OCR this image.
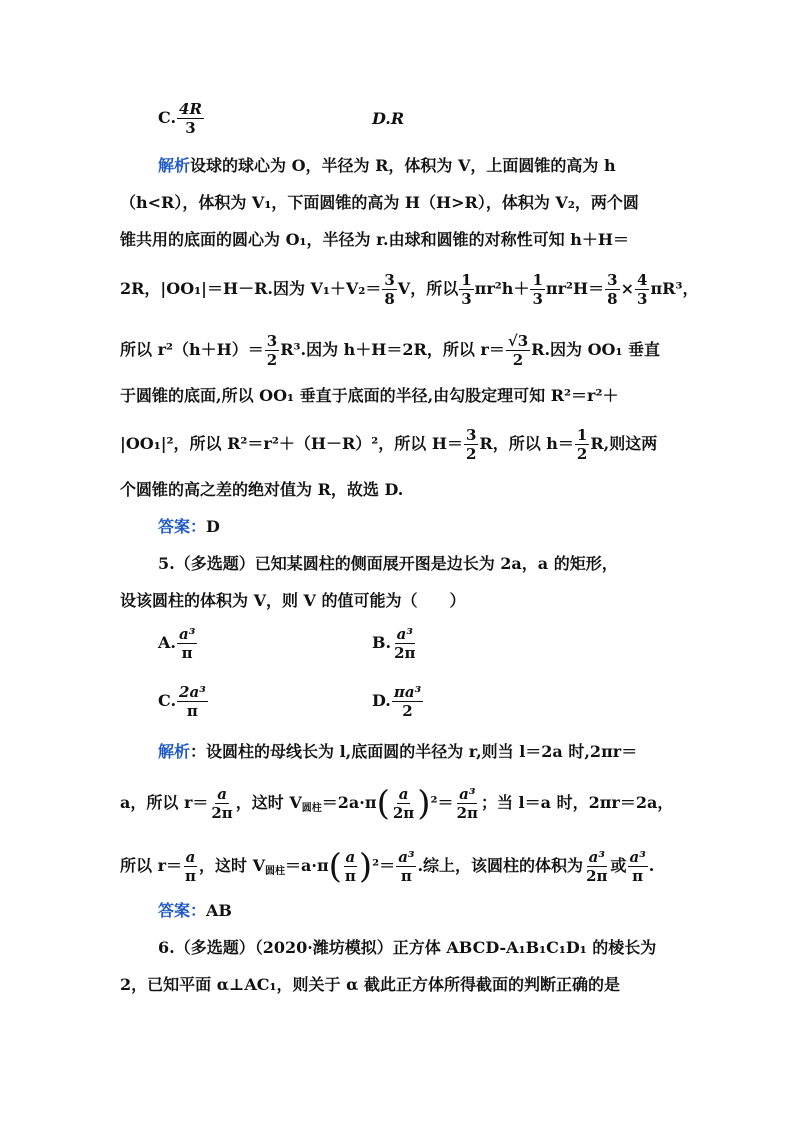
C. $\frac{4R}{3}$	D.R
解析设球的球心为 O，半径为 R，体积为 V，上面圆锥的高为 h
（h<R），体积为 V₁，下面圆锥的高为 H（H>R），体积为 V₂，两个圆
锥共用的底面的圆心为 O₁，半径为 r.由球和圆锥的对称性可知 h＋H＝
2R，|OO₁|＝H－R.因为 $V_1+V_2= \frac{3}{8}$ V，所以 $\frac{1}{3} \pi r^2h+ \frac{1}{3} \pi r^2H= \frac{3}{8} \times \frac{4}{3} \pi R^3$，
所以 $r^2(h+H)= \frac{3}{2} R^3$.因为 h＋H＝2R，所以 $r= \frac{√3}{2} R$.因为 OO₁ 垂直
于圆锥的底面,所以 OO₁ 垂直于底面的半径,由勾股定理可知 R²＝r²＋
|OO₁|²，所以 R²＝r²＋（H－R）²，所以 $H= \frac{3}{2}$ R，所以 $h= \frac{1}{2} R$,则这两
个圆锥的高之差的绝对值为 R，故选 D.
答案：D
5.（多选题）已知某圆柱的侧面展开图是边长为 2a，a 的矩形，
设该圆柱的体积为 V，则 V 的值可能为（　　）
A. $\frac{\text{a³}}{\pi}$	B. $\frac{\text{a³}}{2\pi}$
C. $\frac{\text{2a³}}{\pi}$	D. $\frac{\text{πa³}}{2}$
解析：设圆柱的母线长为 l,底面圆的半径为 r,则当 l＝2a 时,2πr＝
a，所以 $r= \frac{a}{2\pi}$ ，这时 $V_{圆柱}=2a\cdot\pi( \frac{a}{2\pi} )^2= \frac{\text{a³}}{2\pi}$ ；当 l＝a 时，2πr＝2a，
所以 $r= \frac{a}{\pi}$ ，这时 $V_{圆柱}=a\cdot\pi( \frac{a}{\pi} )^2= \frac{\text{a³}}{\pi}$ .综上，该圆柱的体积为 $\frac{\text{a³}}{2\pi}$ 或 $\frac{\text{a³}}{\pi}$ .
答案：AB
6.（多选题）（2020·潍坊模拟）正方体 ABCD-A₁B₁C₁D₁ 的棱长为
2，已知平面 α⊥AC₁，则关于 α 截此正方体所得截面的判断正确的是
